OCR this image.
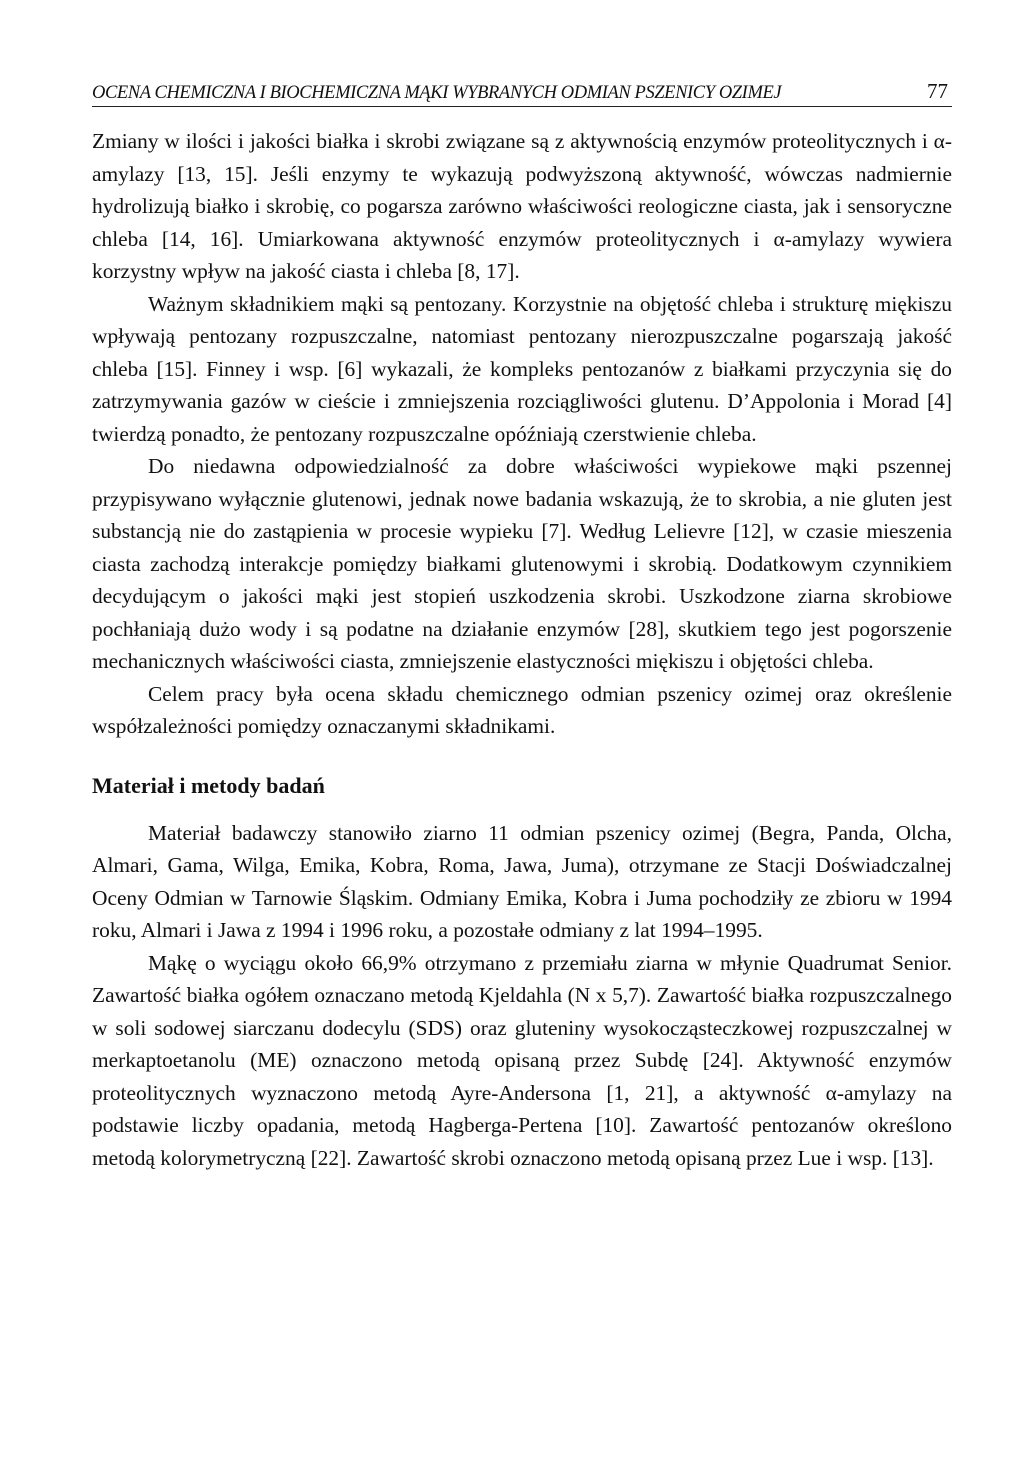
OCENA CHEMICZNA I BIOCHEMICZNA MĄKI WYBRANYCH ODMIAN PSZENICY OZIMEJ	77

Zmiany w ilości i jakości białka i skrobi związane są z aktywnością enzymów proteolitycznych i α-amylazy [13, 15]. Jeśli enzymy te wykazują podwyższoną aktywność, wówczas nadmiernie hydrolizują białko i skrobię, co pogarsza zarówno właściwości reologiczne ciasta, jak i sensoryczne chleba [14, 16]. Umiarkowana aktywność enzymów proteolitycznych i α-amylazy wywiera korzystny wpływ na jakość ciasta i chleba [8, 17].

Ważnym składnikiem mąki są pentozany. Korzystnie na objętość chleba i strukturę miękiszu wpływają pentozany rozpuszczalne, natomiast pentozany nierozpuszczalne pogarszają jakość chleba [15]. Finney i wsp. [6] wykazali, że kompleks pentozanów z białkami przyczynia się do zatrzymywania gazów w cieście i zmniejszenia rozciągliwości glutenu. D’Appolonia i Morad [4] twierdzą ponadto, że pentozany rozpuszczalne opóźniają czerstwienie chleba.

Do niedawna odpowiedzialność za dobre właściwości wypiekowe mąki pszennej przypisywano wyłącznie glutenowi, jednak nowe badania wskazują, że to skrobia, a nie gluten jest substancją nie do zastąpienia w procesie wypieku [7]. Według Lelievre [12], w czasie mieszenia ciasta zachodzą interakcje pomiędzy białkami glutenowymi i skrobią. Dodatkowym czynnikiem decydującym o jakości mąki jest stopień uszkodzenia skrobi. Uszkodzone ziarna skrobiowe pochłaniają dużo wody i są podatne na działanie enzymów [28], skutkiem tego jest pogorszenie mechanicznych właściwości ciasta, zmniejszenie elastyczności miękiszu i objętości chleba.

Celem pracy była ocena składu chemicznego odmian pszenicy ozimej oraz określenie współzależności pomiędzy oznaczanymi składnikami.

Materiał i metody badań

Materiał badawczy stanowiło ziarno 11 odmian pszenicy ozimej (Begra, Panda, Olcha, Almari, Gama, Wilga, Emika, Kobra, Roma, Jawa, Juma), otrzymane ze Stacji Doświadczalnej Oceny Odmian w Tarnowie Śląskim. Odmiany Emika, Kobra i Juma pochodziły ze zbioru w 1994 roku, Almari i Jawa z 1994 i 1996 roku, a pozostałe odmiany z lat 1994–1995.

Mąkę o wyciągu około 66,9% otrzymano z przemiału ziarna w młynie Quadrumat Senior. Zawartość białka ogółem oznaczano metodą Kjeldahla (N x 5,7). Zawartość białka rozpuszczalnego w soli sodowej siarczanu dodecylu (SDS) oraz gluteniny wysokocząsteczkowej rozpuszczalnej w merkaptoetanolu (ME) oznaczono metodą opisaną przez Subdę [24]. Aktywność enzymów proteolitycznych wyznaczono metodą Ayre-Andersona [1, 21], a aktywność α-amylazy na podstawie liczby opadania, metodą Hagberga-Pertena [10]. Zawartość pentozanów określono metodą kolorymetryczną [22]. Zawartość skrobi oznaczono metodą opisaną przez Lue i wsp. [13].
